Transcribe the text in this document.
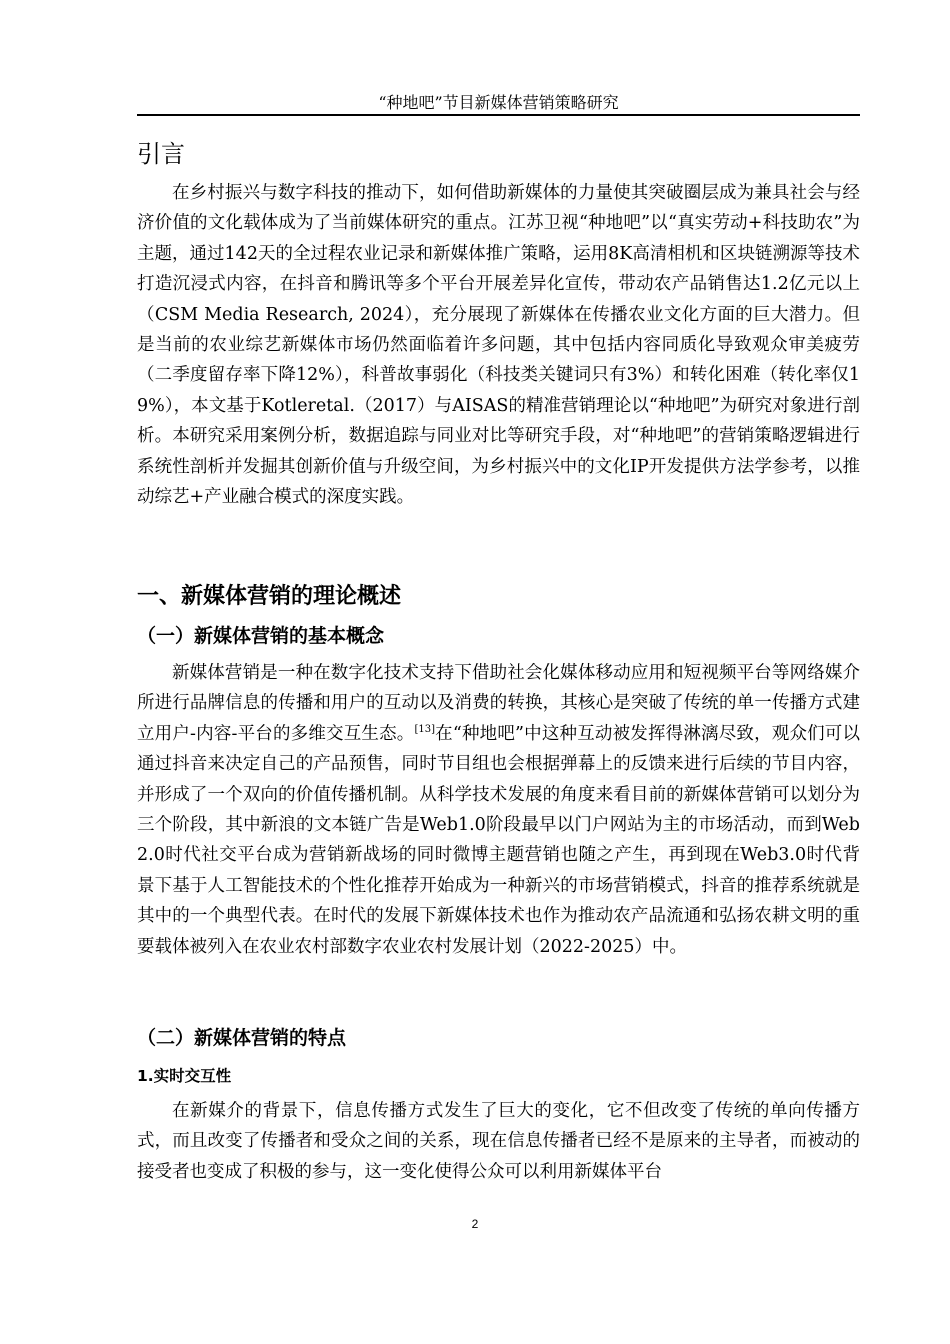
“种地吧”节目新媒体营销策略研究
引言

在乡村振兴与数字科技的推动下，如何借助新媒体的力量使其突破圈层成为兼具社会与经济价值的文化载体成为了当前媒体研究的重点。江苏卫视“种地吧”以“真实劳动+科技助农”为主题，通过142天的全过程农业记录和新媒体推广策略，运用8K高清相机和区块链溯源等技术打造沉浸式内容，在抖音和腾讯等多个平台开展差异化宣传，带动农产品销售达1.2亿元以上（CSM Media Research, 2024），充分展现了新媒体在传播农业文化方面的巨大潜力。但是当前的农业综艺新媒体市场仍然面临着许多问题，其中包括内容同质化导致观众审美疲劳（二季度留存率下降12%），科普故事弱化（科技类关键词只有3%）和转化困难（转化率仅19%），本文基于Kotleretal.（2017）与AISAS的精准营销理论以“种地吧”为研究对象进行剖析。本研究采用案例分析，数据追踪与同业对比等研究手段，对“种地吧”的营销策略逻辑进行系统性剖析并发掘其创新价值与升级空间，为乡村振兴中的文化IP开发提供方法学参考，以推动综艺+产业融合模式的深度实践。

一、新媒体营销的理论概述
（一）新媒体营销的基本概念

新媒体营销是一种在数字化技术支持下借助社会化媒体移动应用和短视频平台等网络媒介所进行品牌信息的传播和用户的互动以及消费的转换，其核心是突破了传统的单一传播方式建立用户-内容-平台的多维交互生态。[13]在“种地吧”中这种互动被发挥得淋漓尽致，观众们可以通过抖音来决定自己的产品预售，同时节目组也会根据弹幕上的反馈来进行后续的节目内容，并形成了一个双向的价值传播机制。从科学技术发展的角度来看目前的新媒体营销可以划分为三个阶段，其中新浪的文本链广告是Web1.0阶段最早以门户网站为主的市场活动，而到Web2.0时代社交平台成为营销新战场的同时微博主题营销也随之产生，再到现在Web3.0时代背景下基于人工智能技术的个性化推荐开始成为一种新兴的市场营销模式，抖音的推荐系统就是其中的一个典型代表。在时代的发展下新媒体技术也作为推动农产品流通和弘扬农耕文明的重要载体被列入在农业农村部数字农业农村发展计划（2022-2025）中。

（二）新媒体营销的特点
1.实时交互性

在新媒介的背景下，信息传播方式发生了巨大的变化，它不但改变了传统的单向传播方式，而且改变了传播者和受众之间的关系，现在信息传播者已经不是原来的主导者，而被动的接受者也变成了积极的参与，这一变化使得公众可以利用新媒体平台

2
